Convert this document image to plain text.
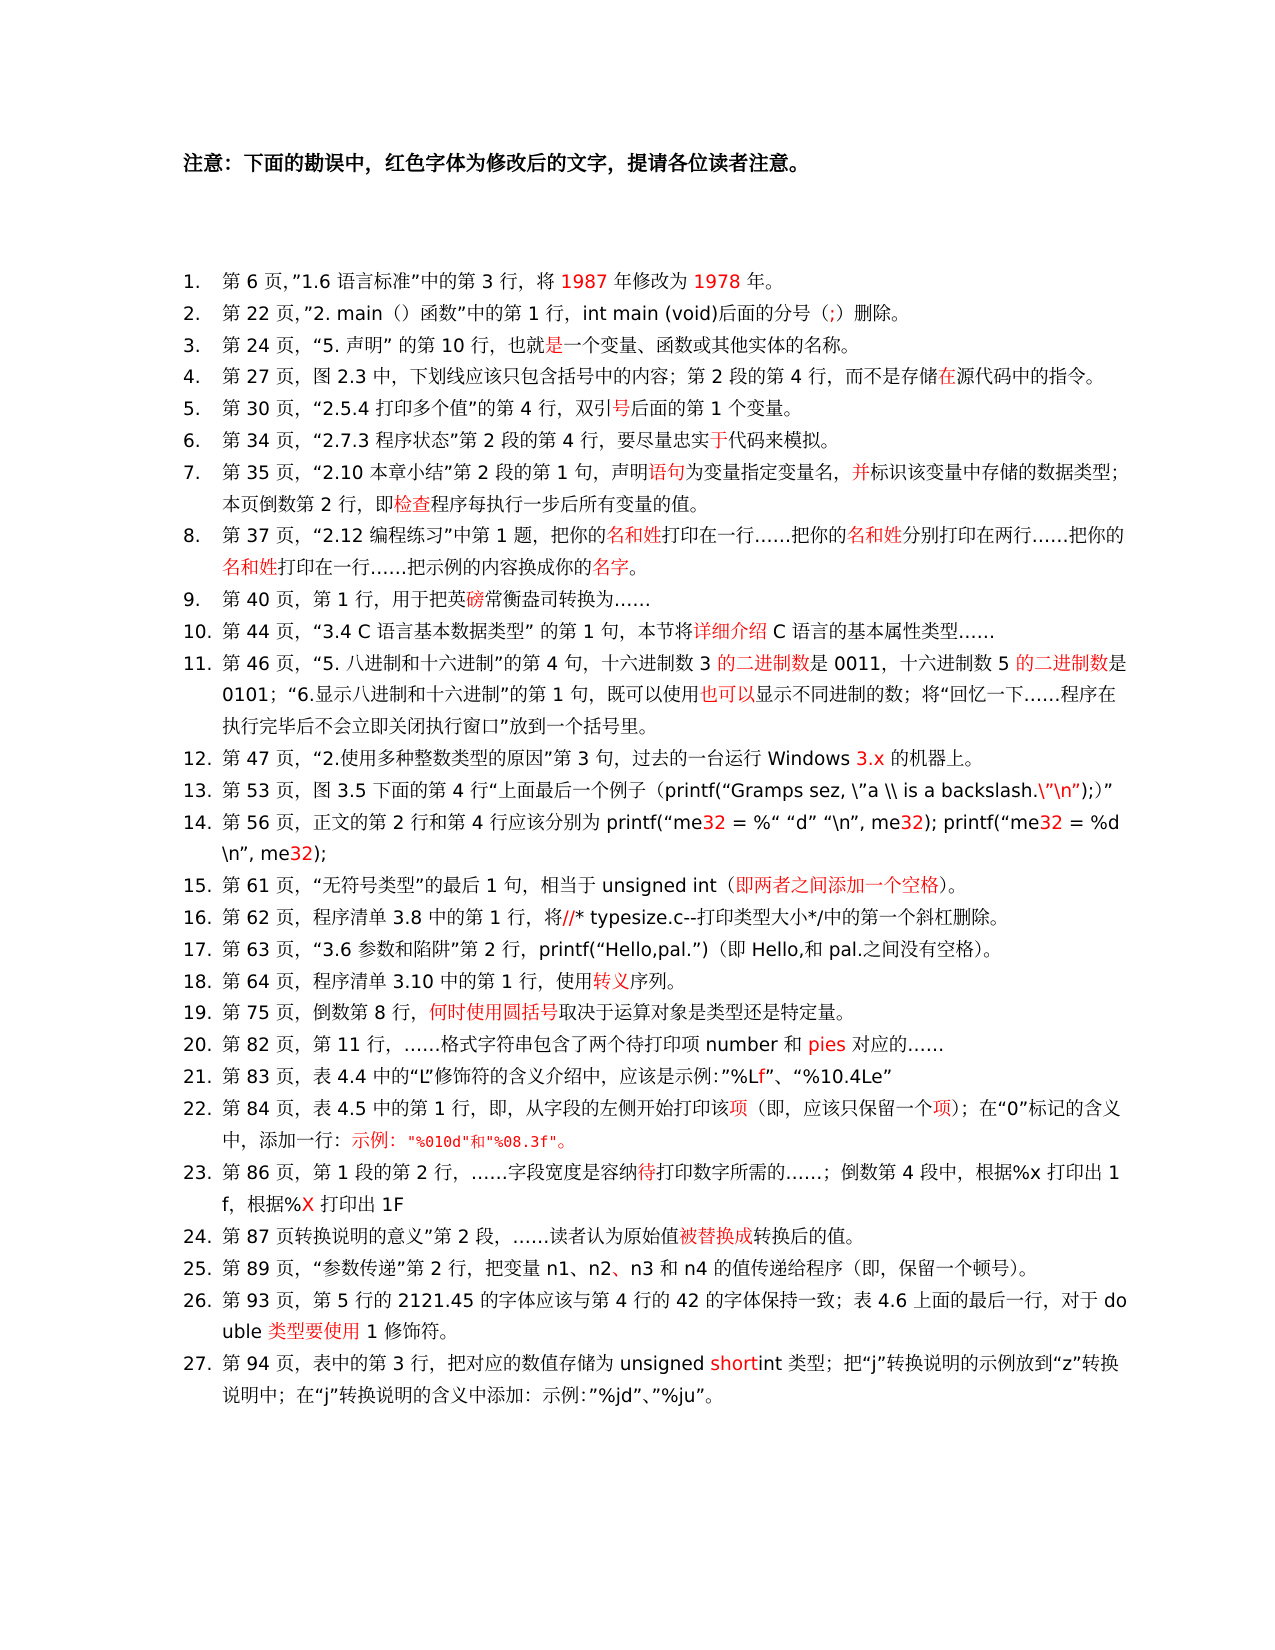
注意：下面的勘误中，红色字体为修改后的文字，提请各位读者注意。
1.	第 6 页，”1.6 语言标准”中的第 3 行，将 1987 年修改为 1978 年。
2.	第 22 页，”2. main（）函数”中的第 1 行，int main (void)后面的分号（;）删除。
3.	第 24 页，“5. 声明” 的第 10 行，也就是一个变量、函数或其他实体的名称。
4.	第 27 页，图 2.3 中，下划线应该只包含括号中的内容；第 2 段的第 4 行，而不是存储在源代码中的指令。
5.	第 30 页，“2.5.4 打印多个值”的第 4 行，双引号后面的第 1 个变量。
6.	第 34 页，“2.7.3 程序状态”第 2 段的第 4 行，要尽量忠实于代码来模拟。
7.	第 35 页，“2.10 本章小结”第 2 段的第 1 句，声明语句为变量指定变量名，并标识该变量中存储的数据类型；本页倒数第 2 行，即检查程序每执行一步后所有变量的值。
8.	第 37 页，“2.12 编程练习”中第 1 题，把你的名和姓打印在一行……把你的名和姓分别打印在两行……把你的名和姓打印在一行……把示例的内容换成你的名字。
9.	第 40 页，第 1 行，用于把英磅常衡盎司转换为……
10. 第 44 页，“3.4 C 语言基本数据类型” 的第 1 句，本节将详细介绍 C 语言的基本属性类型……
11. 第 46 页，“5. 八进制和十六进制”的第 4 句，十六进制数 3 的二进制数是 0011，十六进制数 5 的二进制数是 0101；“6.显示八进制和十六进制”的第 1 句，既可以使用也可以显示不同进制的数；将“回忆一下……程序在执行完毕后不会立即关闭执行窗口”放到一个括号里。
12. 第 47 页，“2.使用多种整数类型的原因”第 3 句，过去的一台运行 Windows 3.x 的机器上。
13. 第 53 页，图 3.5 下面的第 4 行“上面最后一个例子（printf(“Gramps sez, \”a \\ is a backslash.\”\n”);）”
14. 第 56 页，正文的第 2 行和第 4 行应该分别为 printf(“me32 = %“ “d” “\n”, me32); printf(“me32 = %d\n”, me32);
15. 第 61 页，“无符号类型”的最后 1 句，相当于 unsigned int（即两者之间添加一个空格）。
16. 第 62 页，程序清单 3.8 中的第 1 行，将//* typesize.c--打印类型大小*/中的第一个斜杠删除。
17. 第 63 页，“3.6 参数和陷阱”第 2 行，printf(“Hello,pal.”)（即 Hello,和 pal.之间没有空格）。
18. 第 64 页，程序清单 3.10 中的第 1 行，使用转义序列。
19. 第 75 页，倒数第 8 行，何时使用圆括号取决于运算对象是类型还是特定量。
20. 第 82 页，第 11 行，……格式字符串包含了两个待打印项 number 和 pies 对应的……
21. 第 83 页，表 4.4 中的“L”修饰符的含义介绍中，应该是示例：”%Lf”、“%10.4Le”
22. 第 84 页，表 4.5 中的第 1 行，即，从字段的左侧开始打印该项（即，应该只保留一个项）；在“0”标记的含义中，添加一行：示例："%010d"和"%08.3f"。
23. 第 86 页，第 1 段的第 2 行，……字段宽度是容纳待打印数字所需的……；倒数第 4 段中，根据%x 打印出 1f，根据%X 打印出 1F
24. 第 87 页转换说明的意义”第 2 段，……读者认为原始值被替换成转换后的值。
25. 第 89 页，“参数传递”第 2 行，把变量 n1、n2、n3 和 n4 的值传递给程序（即，保留一个顿号）。
26. 第 93 页，第 5 行的 2121.45 的字体应该与第 4 行的 42 的字体保持一致；表 4.6 上面的最后一行，对于 double 类型要使用 1 修饰符。
27. 第 94 页，表中的第 3 行，把对应的数值存储为 unsigned shortint 类型；把“j”转换说明的示例放到“z”转换说明中；在“j”转换说明的含义中添加：示例：”%jd”、”%ju”。
